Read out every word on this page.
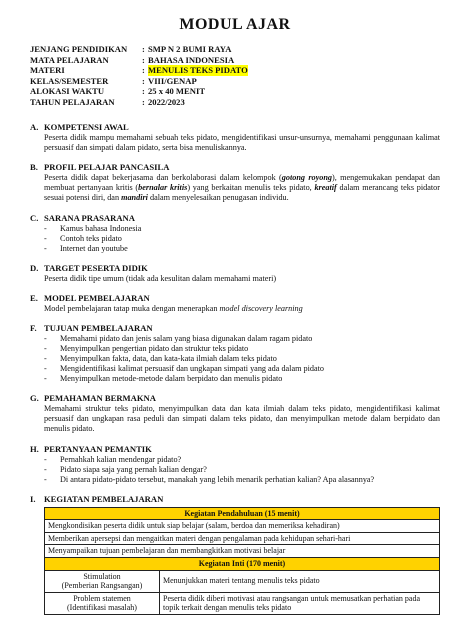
MODUL AJAR
JENJANG PENDIDIKAN	: SMP N 2 BUMI RAYA
MATA PELAJARAN	: BAHASA INDONESIA
MATERI	: MENULIS TEKS PIDATO
KELAS/SEMESTER	: VIII/GENAP
ALOKASI WAKTU	: 25 x 40 MENIT
TAHUN PELAJARAN	: 2022/2023
A. KOMPETENSI AWAL
Peserta didik mampu memahami sebuah teks pidato, mengidentifikasi unsur-unsurnya, memahami penggunaan kalimat persuasif dan simpati dalam pidato, serta bisa menuliskannya.
B. PROFIL PELAJAR PANCASILA
Peserta didik dapat bekerjasama dan berkolaborasi dalam kelompok (gotong royong), mengemukakan pendapat dan membuat pertanyaan kritis (bernalar kritis) yang berkaitan menulis teks pidato, kreatif dalam merancang teks pidator sesuai potensi diri, dan mandiri dalam menyelesaikan penugasan individu.
C. SARANA PRASARANA
-	Kamus bahasa Indonesia
-	Contoh teks pidato
-	Internet dan youtube
D. TARGET PESERTA DIDIK
Peserta didik tipe umum (tidak ada kesulitan dalam memahami materi)
E. MODEL PEMBELAJARAN
Model pembelajaran tatap muka dengan menerapkan model discovery learning
F. TUJUAN PEMBELAJARAN
-	Memahami pidato dan jenis salam yang biasa digunakan dalam ragam pidato
-	Menyimpulkan pengertian pidato dan struktur teks pidato
-	Menyimpulkan fakta, data, dan kata-kata ilmiah dalam teks pidato
-	Mengidentifikasi kalimat persuasif dan ungkapan simpati yang ada dalam pidato
-	Menyimpulkan metode-metode dalam berpidato dan menulis pidato
G. PEMAHAMAN BERMAKNA
Memahami struktur teks pidato, menyimpulkan data dan kata ilmiah dalam teks pidato, mengidentifikasi kalimat persuasif dan ungkapan rasa peduli dan simpati dalam teks pidato, dan menyimpulkan metode dalam berpidato dan menulis pidato.
H. PERTANYAAN PEMANTIK
-	Pernahkah kalian mendengar pidato?
-	Pidato siapa saja yang pernah kalian dengar?
-	Di antara pidato-pidato tersebut, manakah yang lebih menarik perhatian kalian? Apa alasannya?
I. KEGIATAN PEMBELAJARAN
Kegiatan Pendahuluan (15 menit)	
Mengkondisikan peserta didik untuk siap belajar (salam, berdoa dan memeriksa kehadiran)	
Memberikan apersepsi dan mengaitkan materi dengan pengalaman pada kehidupan sehari-hari	
Menyampaikan tujuan pembelajaran dan membangkitkan motivasi belajar	
Kegiatan Inti (170 menit)	

Stimulation
(Pemberian Rangsangan)	Menunjukkan materi tentang menulis teks pidato

Problem statemen
(Identifikasi masalah)	Peserta didik diberi motivasi atau rangsangan untuk memusatkan perhatian pada topik terkait dengan menulis teks pidato
